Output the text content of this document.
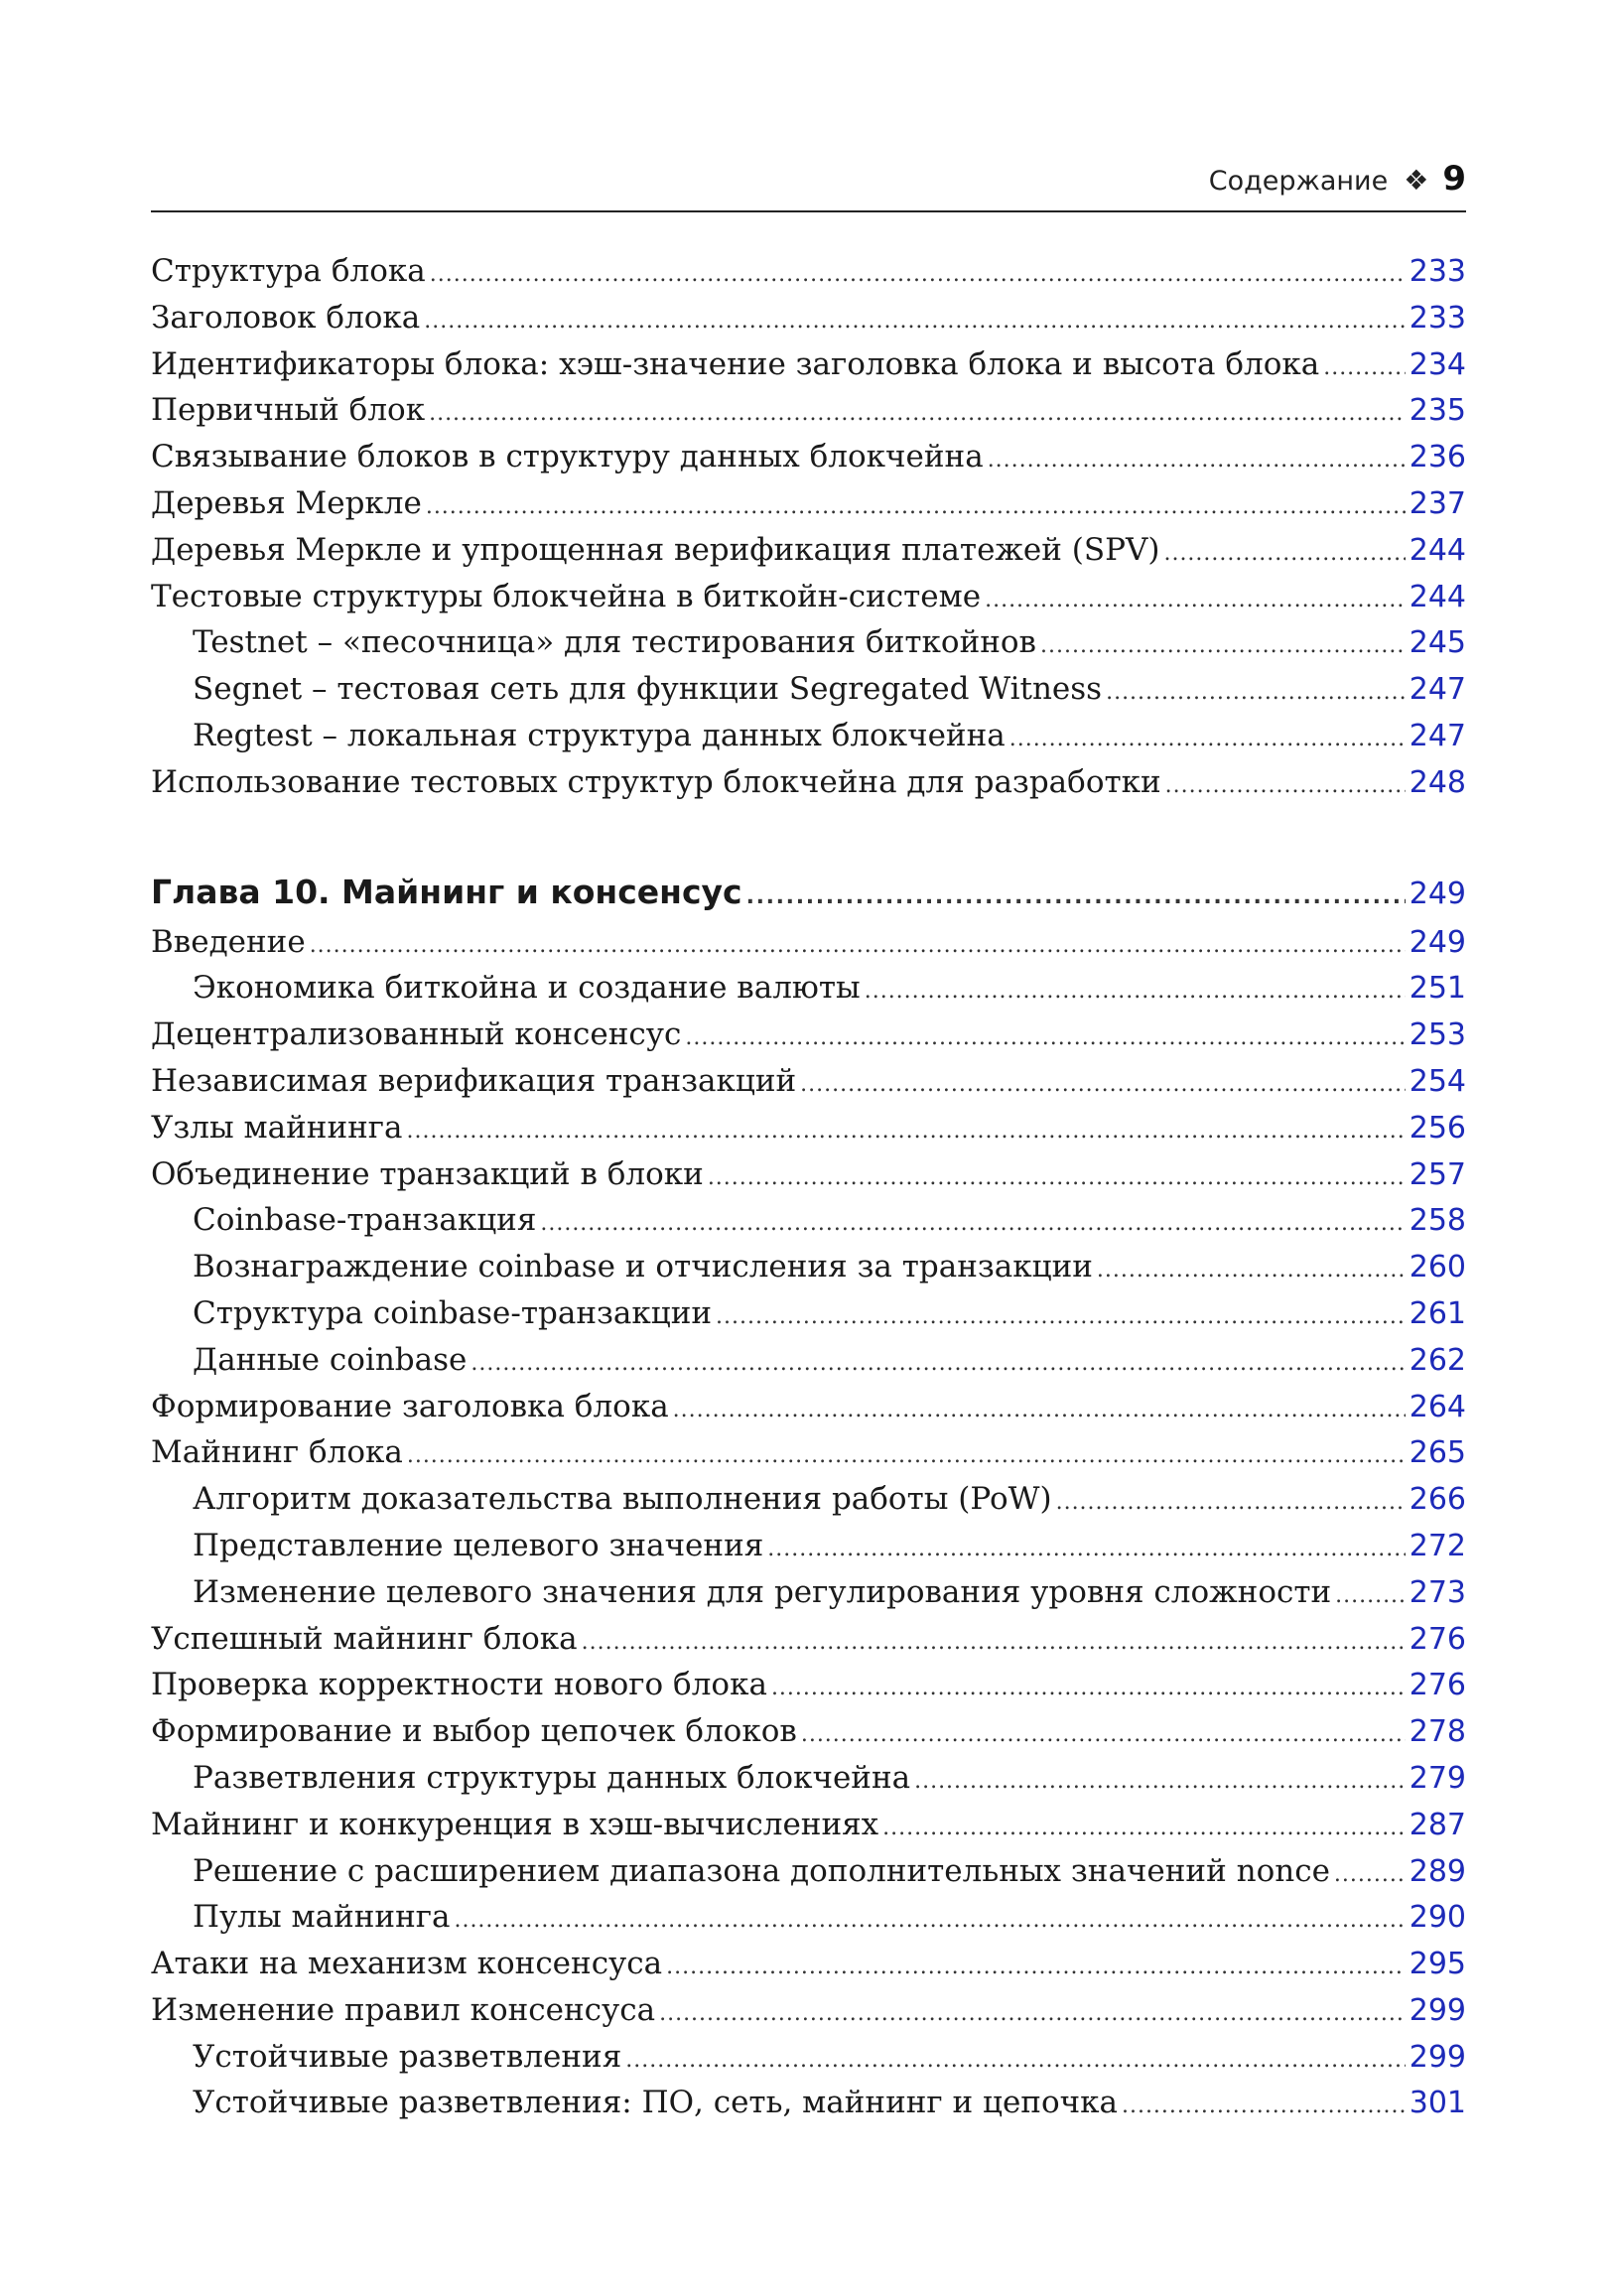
Содержание ❖ 9
Структура блока . . .	233
Заголовок блока . . .	233
Идентификаторы блока: хэш-значение заголовка блока и высота блока . . .	234
Первичный блок . . .	235
Связывание блоков в структуру данных блокчейна . . .	236
Деревья Меркле . . .	237
Деревья Меркле и упрощенная верификация платежей (SPV) . . .	244
Тестовые структуры блокчейна в биткойн-системе . . .	244
Testnet – «песочница» для тестирования биткойнов . . .	245
Segnet – тестовая сеть для функции Segregated Witness . . .	247
Regtest – локальная структура данных блокчейна . . .	247
Использование тестовых структур блокчейна для разработки . . .	248
Глава 10. Майнинг и консенсус . . .	249
Введение . . .	249
Экономика биткойна и создание валюты . . .	251
Децентрализованный консенсус . . .	253
Независимая верификация транзакций . . .	254
Узлы майнинга . . .	256
Объединение транзакций в блоки . . .	257
Coinbase-транзакция . . .	258
Вознаграждение coinbase и отчисления за транзакции . . .	260
Структура coinbase-транзакции . . .	261
Данные coinbase . . .	262
Формирование заголовка блока . . .	264
Майнинг блока . . .	265
Алгоритм доказательства выполнения работы (PoW) . . .	266
Представление целевого значения . . .	272
Изменение целевого значения для регулирования уровня сложности . . .	273
Успешный майнинг блока . . .	276
Проверка корректности нового блока . . .	276
Формирование и выбор цепочек блоков . . .	278
Разветвления структуры данных блокчейна . . .	279
Майнинг и конкуренция в хэш-вычислениях . . .	287
Решение с расширением диапазона дополнительных значений nonce . . .	289
Пулы майнинга . . .	290
Атаки на механизм консенсуса . . .	295
Изменение правил консенсуса . . .	299
Устойчивые разветвления . . .	299
Устойчивые разветвления: ПО, сеть, майнинг и цепочка . . .	301
